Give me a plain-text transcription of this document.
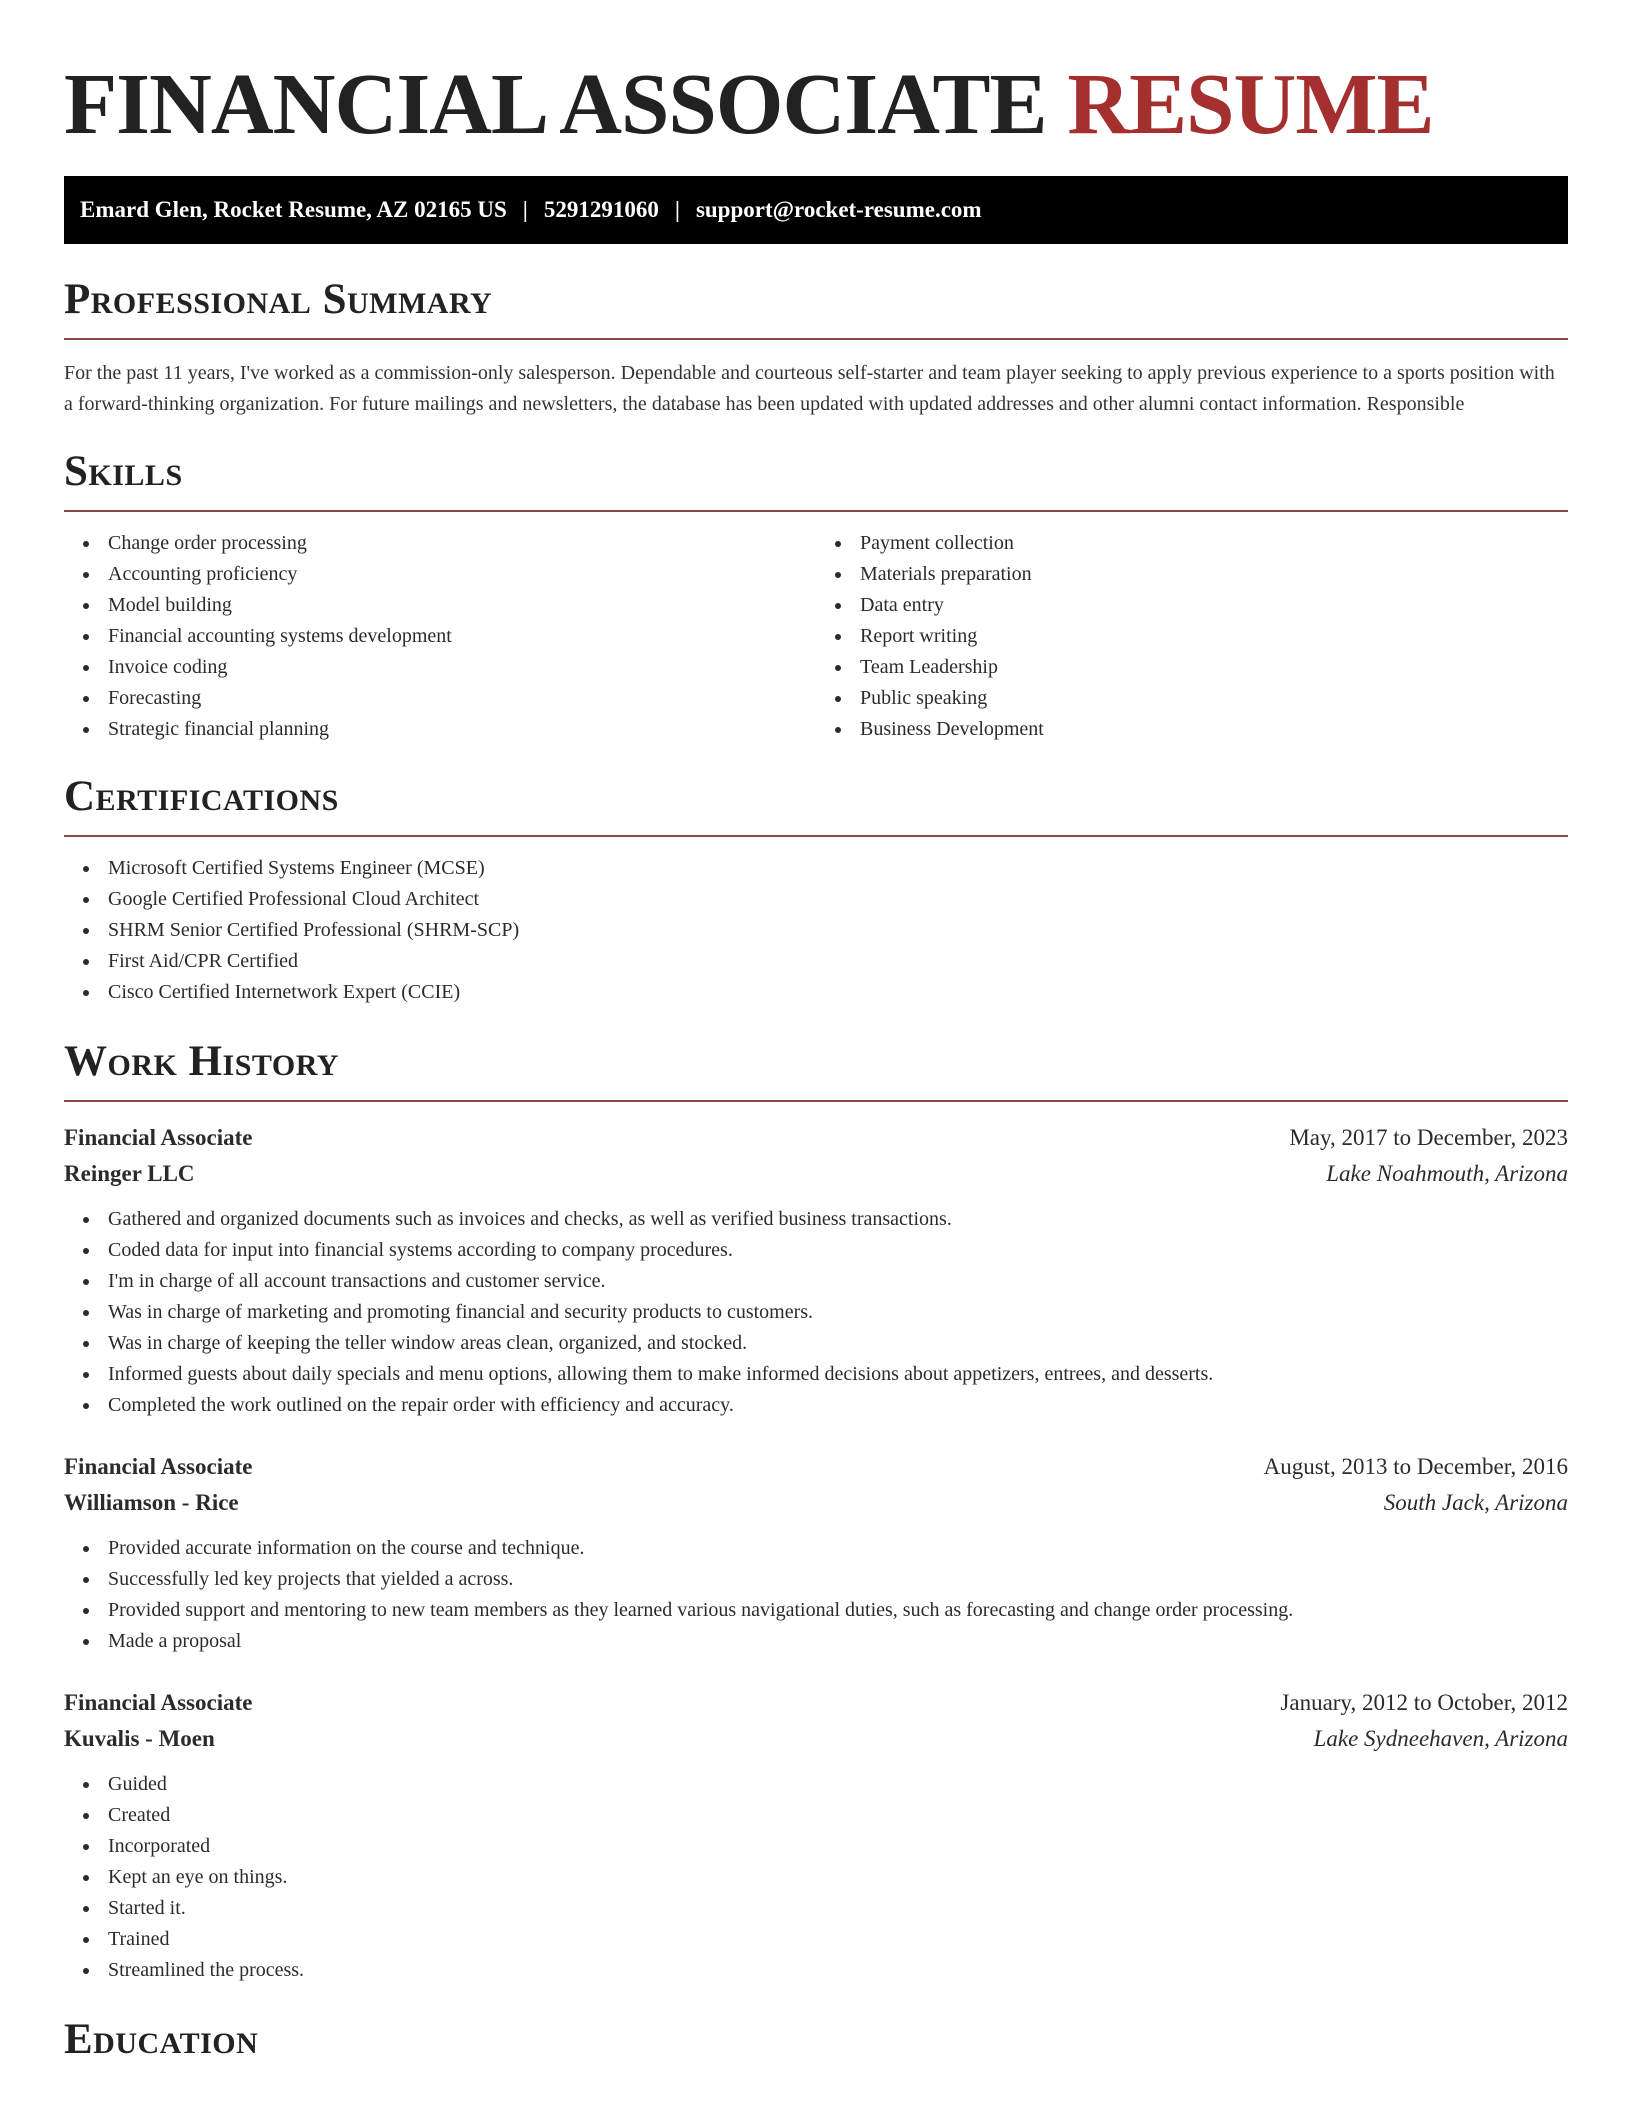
FINANCIAL ASSOCIATE RESUME
Emard Glen, Rocket Resume, AZ 02165 US | 5291291060 | support@rocket-resume.com
Professional Summary

For the past 11 years, I've worked as a commission-only salesperson. Dependable and courteous self-starter and team player seeking to apply previous experience to a sports position with a forward-thinking organization. For future mailings and newsletters, the database has been updated with updated addresses and other alumni contact information. Responsible

Skills
Change order processing
Accounting proficiency
Model building
Financial accounting systems development
Invoice coding
Forecasting
Strategic financial planning
Payment collection
Materials preparation
Data entry
Report writing
Team Leadership
Public speaking
Business Development
Certifications
Microsoft Certified Systems Engineer (MCSE)
Google Certified Professional Cloud Architect
SHRM Senior Certified Professional (SHRM-SCP)
First Aid/CPR Certified
Cisco Certified Internetwork Expert (CCIE)
Work History
Financial Associate	May, 2017 to December, 2023
Reinger LLC	Lake Noahmouth, Arizona
Gathered and organized documents such as invoices and checks, as well as verified business transactions.
Coded data for input into financial systems according to company procedures.
I'm in charge of all account transactions and customer service.
Was in charge of marketing and promoting financial and security products to customers.
Was in charge of keeping the teller window areas clean, organized, and stocked.
Informed guests about daily specials and menu options, allowing them to make informed decisions about appetizers, entrees, and desserts.
Completed the work outlined on the repair order with efficiency and accuracy.
Financial Associate	August, 2013 to December, 2016
Williamson - Rice	South Jack, Arizona
Provided accurate information on the course and technique.
Successfully led key projects that yielded a across.
Provided support and mentoring to new team members as they learned various navigational duties, such as forecasting and change order processing.
Made a proposal
Financial Associate	January, 2012 to October, 2012
Kuvalis - Moen	Lake Sydneehaven, Arizona
Guided
Created
Incorporated
Kept an eye on things.
Started it.
Trained
Streamlined the process.
Education
